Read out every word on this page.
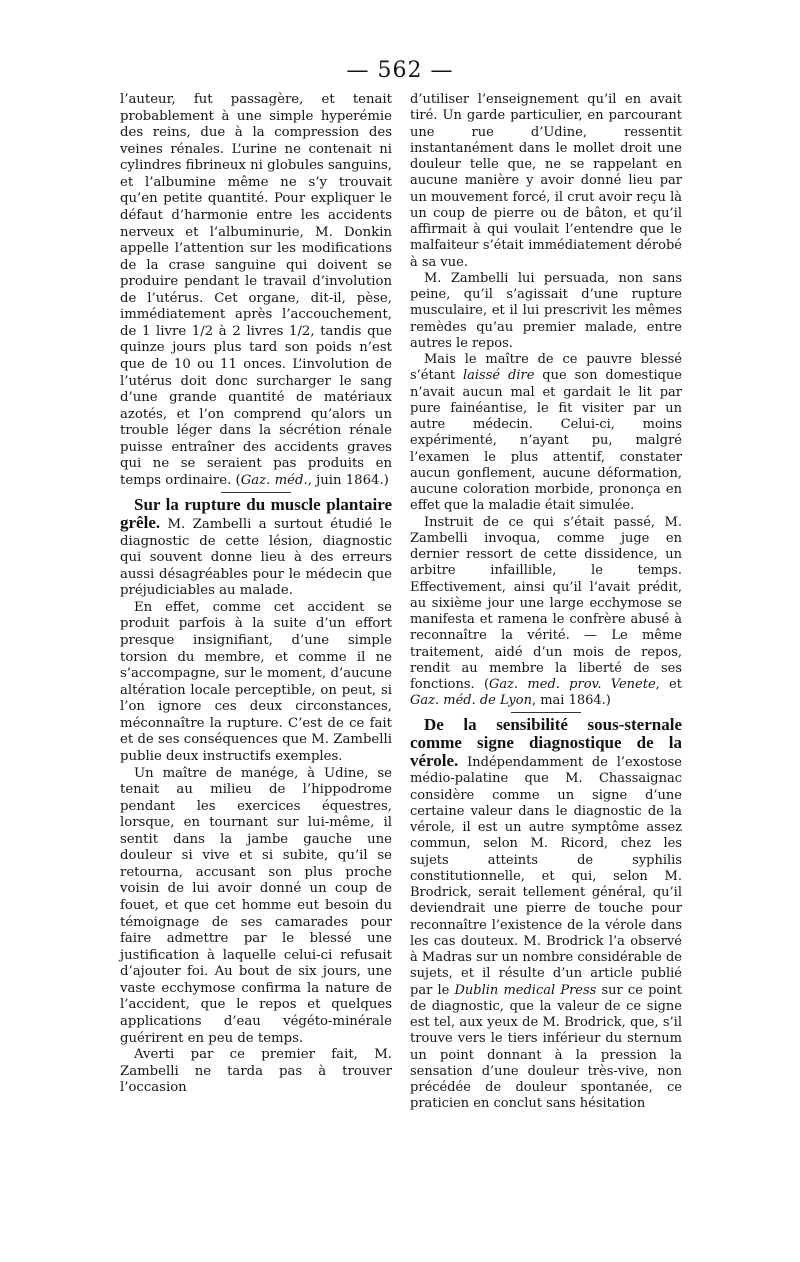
— 562 —

l’auteur, fut passagère, et tenait probablement à une simple hyperémie des reins, due à la compression des veines rénales. L’urine ne contenait ni cylindres fibrineux ni globules sanguins, et l’albumine même ne s’y trouvait qu’en petite quantité. Pour expliquer le défaut d’harmonie entre les accidents nerveux et l’albuminurie, M. Donkin appelle l’attention sur les modifications de la crase sanguine qui doivent se produire pendant le travail d’involution de l’utérus. Cet organe, dit-il, pèse, immédiatement après l’accouchement, de 1 livre 1/2 à 2 livres 1/2, tandis que quinze jours plus tard son poids n’est que de 10 ou 11 onces. L’involution de l’utérus doit donc surcharger le sang d’une grande quantité de matériaux azotés, et l’on comprend qu’alors un trouble léger dans la sécrétion rénale puisse entraîner des accidents graves qui ne se seraient pas produits en temps ordinaire. (Gaz. méd., juin 1864.)

Sur la rupture du muscle plantaire grêle. M. Zambelli a surtout étudié le diagnostic de cette lésion, diagnostic qui souvent donne lieu à des erreurs aussi désagréables pour le médecin que préjudiciables au malade.

En effet, comme cet accident se produit parfois à la suite d’un effort presque insignifiant, d’une simple torsion du membre, et comme il ne s’accompagne, sur le moment, d’aucune altération locale perceptible, on peut, si l’on ignore ces deux circonstances, méconnaître la rupture. C’est de ce fait et de ses conséquences que M. Zambelli publie deux instructifs exemples.

Un maître de manége, à Udine, se tenait au milieu de l’hippodrome pendant les exercices équestres, lorsque, en tournant sur lui-même, il sentit dans la jambe gauche une douleur si vive et si subite, qu’il se retourna, accusant son plus proche voisin de lui avoir donné un coup de fouet, et que cet homme eut besoin du témoignage de ses camarades pour faire admettre par le blessé une justification à laquelle celui-ci refusait d’ajouter foi. Au bout de six jours, une vaste ecchymose confirma la nature de l’accident, que le repos et quelques applications d’eau végéto-minérale guérirent en peu de temps.

Averti par ce premier fait, M. Zambelli ne tarda pas à trouver l’occasion

d’utiliser l’enseignement qu’il en avait tiré. Un garde particulier, en parcourant une rue d’Udine, ressentit instantanément dans le mollet droit une douleur telle que, ne se rappelant en aucune manière y avoir donné lieu par un mouvement forcé, il crut avoir reçu là un coup de pierre ou de bâton, et qu’il affirmait à qui voulait l’entendre que le malfaiteur s’était immédiatement dérobé à sa vue.

M. Zambelli lui persuada, non sans peine, qu’il s’agissait d’une rupture musculaire, et il lui prescrivit les mêmes remèdes qu’au premier malade, entre autres le repos.

Mais le maître de ce pauvre blessé s’étant laissé dire que son domestique n’avait aucun mal et gardait le lit par pure fainéantise, le fit visiter par un autre médecin. Celui-ci, moins expérimenté, n’ayant pu, malgré l’examen le plus attentif, constater aucun gonflement, aucune déformation, aucune coloration morbide, prononça en effet que la maladie était simulée.

Instruit de ce qui s’était passé, M. Zambelli invoqua, comme juge en dernier ressort de cette dissidence, un arbitre infaillible, le temps. Effectivement, ainsi qu’il l’avait prédit, au sixième jour une large ecchymose se manifesta et ramena le confrère abusé à reconnaître la vérité. — Le même traitement, aidé d’un mois de repos, rendit au membre la liberté de ses fonctions. (Gaz. med. prov. Venete, et Gaz. méd. de Lyon, mai 1864.)

De la sensibilité sous-sternale comme signe diagnostique de la vérole. Indépendamment de l’exostose médio-palatine que M. Chassaignac considère comme un signe d’une certaine valeur dans le diagnostic de la vérole, il est un autre symptôme assez commun, selon M. Ricord, chez les sujets atteints de syphilis constitutionnelle, et qui, selon M. Brodrick, serait tellement général, qu’il deviendrait une pierre de touche pour reconnaître l’existence de la vérole dans les cas douteux. M. Brodrick l’a observé à Madras sur un nombre considérable de sujets, et il résulte d’un article publié par le Dublin medical Press sur ce point de diagnostic, que la valeur de ce signe est tel, aux yeux de M. Brodrick, que, s’il trouve vers le tiers inférieur du sternum un point donnant à la pression la sensation d’une douleur très-vive, non précédée de douleur spontanée, ce praticien en conclut sans hésitation
